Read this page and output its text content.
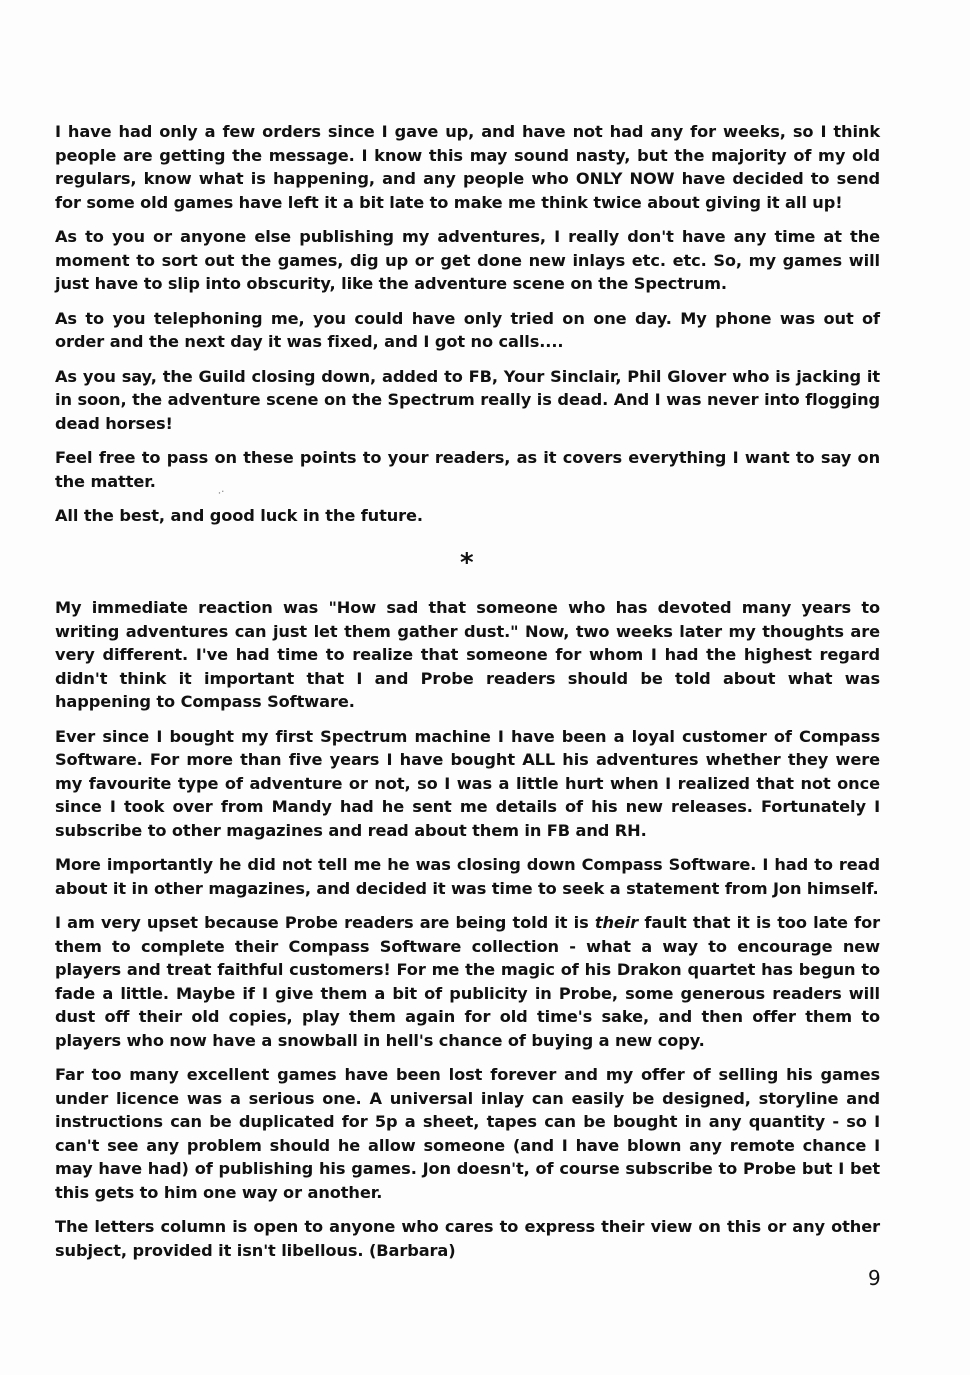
I have had only a few orders since I gave up, and have not had any for weeks, so I think people are getting the message. I know this may sound nasty, but the majority of my old regulars, know what is happening, and any people who ONLY NOW have decided to send for some old games have left it a bit late to make me think twice about giving it all up!

As to you or anyone else publishing my adventures, I really don't have any time at the moment to sort out the games, dig up or get done new inlays etc. etc. So, my games will just have to slip into obscurity, like the adventure scene on the Spectrum.

As to you telephoning me, you could have only tried on one day. My phone was out of order and the next day it was fixed, and I got no calls....

As you say, the Guild closing down, added to FB, Your Sinclair, Phil Glover who is jacking it in soon, the adventure scene on the Spectrum really is dead. And I was never into flogging dead horses!

Feel free to pass on these points to your readers, as it covers everything I want to say on the matter.

All the best, and good luck in the future.

⸳·
*

My immediate reaction was "How sad that someone who has devoted many years to writing adventures can just let them gather dust." Now, two weeks later my thoughts are very different. I've had time to realize that someone for whom I had the highest regard didn't think it important that I and Probe readers should be told about what was happening to Compass Software.

Ever since I bought my first Spectrum machine I have been a loyal customer of Compass Software. For more than five years I have bought ALL his adventures whether they were my favourite type of adventure or not, so I was a little hurt when I realized that not once since I took over from Mandy had he sent me details of his new releases. Fortunately I subscribe to other magazines and read about them in FB and RH.

More importantly he did not tell me he was closing down Compass Software. I had to read about it in other magazines, and decided it was time to seek a statement from Jon himself.

I am very upset because Probe readers are being told it is their fault that it is too late for them to complete their Compass Software collection - what a way to encourage new players and treat faithful customers! For me the magic of his Drakon quartet has begun to fade a little. Maybe if I give them a bit of publicity in Probe, some generous readers will dust off their old copies, play them again for old time's sake, and then offer them to players who now have a snowball in hell's chance of buying a new copy.

Far too many excellent games have been lost forever and my offer of selling his games under licence was a serious one. A universal inlay can easily be designed, storyline and instructions can be duplicated for 5p a sheet, tapes can be bought in any quantity - so I can't see any problem should he allow someone (and I have blown any remote chance I may have had) of publishing his games. Jon doesn't, of course subscribe to Probe but I bet this gets to him one way or another.

The letters column is open to anyone who cares to express their view on this or any other subject, provided it isn't libellous. (Barbara)

9
